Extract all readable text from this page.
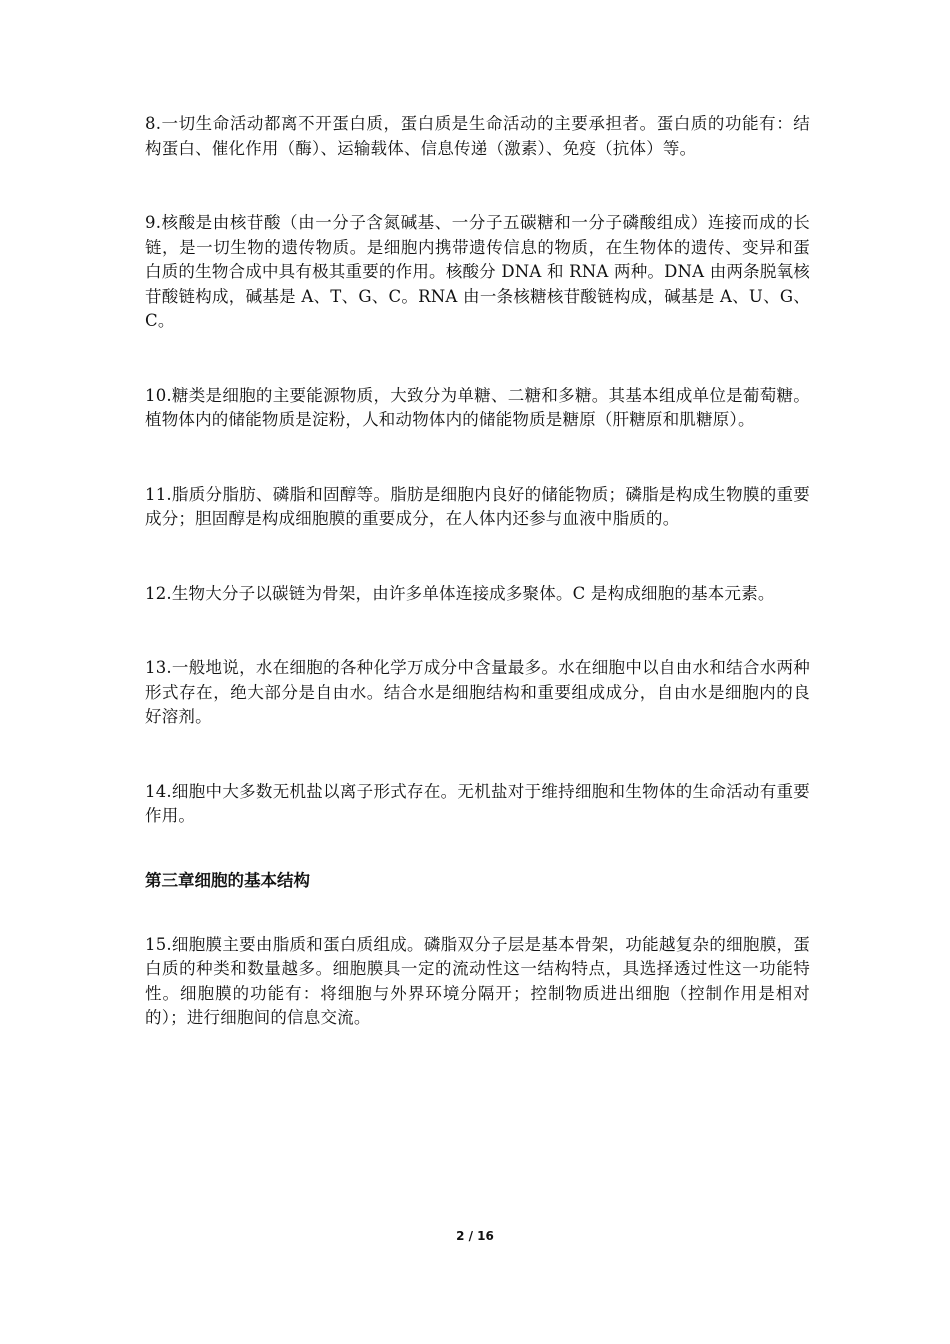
8.一切生命活动都离不开蛋白质，蛋白质是生命活动的主要承担者。蛋白质的功能有：结构蛋白、催化作用（酶）、运输载体、信息传递（激素）、免疫（抗体）等。

9.核酸是由核苷酸（由一分子含氮碱基、一分子五碳糖和一分子磷酸组成）连接而成的长链，是一切生物的遗传物质。是细胞内携带遗传信息的物质，在生物体的遗传、变异和蛋白质的生物合成中具有极其重要的作用。核酸分 DNA 和 RNA 两种。DNA 由两条脱氧核苷酸链构成，碱基是 A、T、G、C。RNA 由一条核糖核苷酸链构成，碱基是 A、U、G、C。

10.糖类是细胞的主要能源物质，大致分为单糖、二糖和多糖。其基本组成单位是葡萄糖。植物体内的储能物质是淀粉，人和动物体内的储能物质是糖原（肝糖原和肌糖原）。

11.脂质分脂肪、磷脂和固醇等。脂肪是细胞内良好的储能物质；磷脂是构成生物膜的重要成分；胆固醇是构成细胞膜的重要成分，在人体内还参与血液中脂质的。

12.生物大分子以碳链为骨架，由许多单体连接成多聚体。C 是构成细胞的基本元素。

13.一般地说，水在细胞的各种化学万成分中含量最多。水在细胞中以自由水和结合水两种形式存在，绝大部分是自由水。结合水是细胞结构和重要组成成分，自由水是细胞内的良好溶剂。

14.细胞中大多数无机盐以离子形式存在。无机盐对于维持细胞和生物体的生命活动有重要作用。

第三章细胞的基本结构

15.细胞膜主要由脂质和蛋白质组成。磷脂双分子层是基本骨架，功能越复杂的细胞膜，蛋白质的种类和数量越多。细胞膜具一定的流动性这一结构特点，具选择透过性这一功能特性。细胞膜的功能有：将细胞与外界环境分隔开；控制物质进出细胞（控制作用是相对的）；进行细胞间的信息交流。

2 / 16
